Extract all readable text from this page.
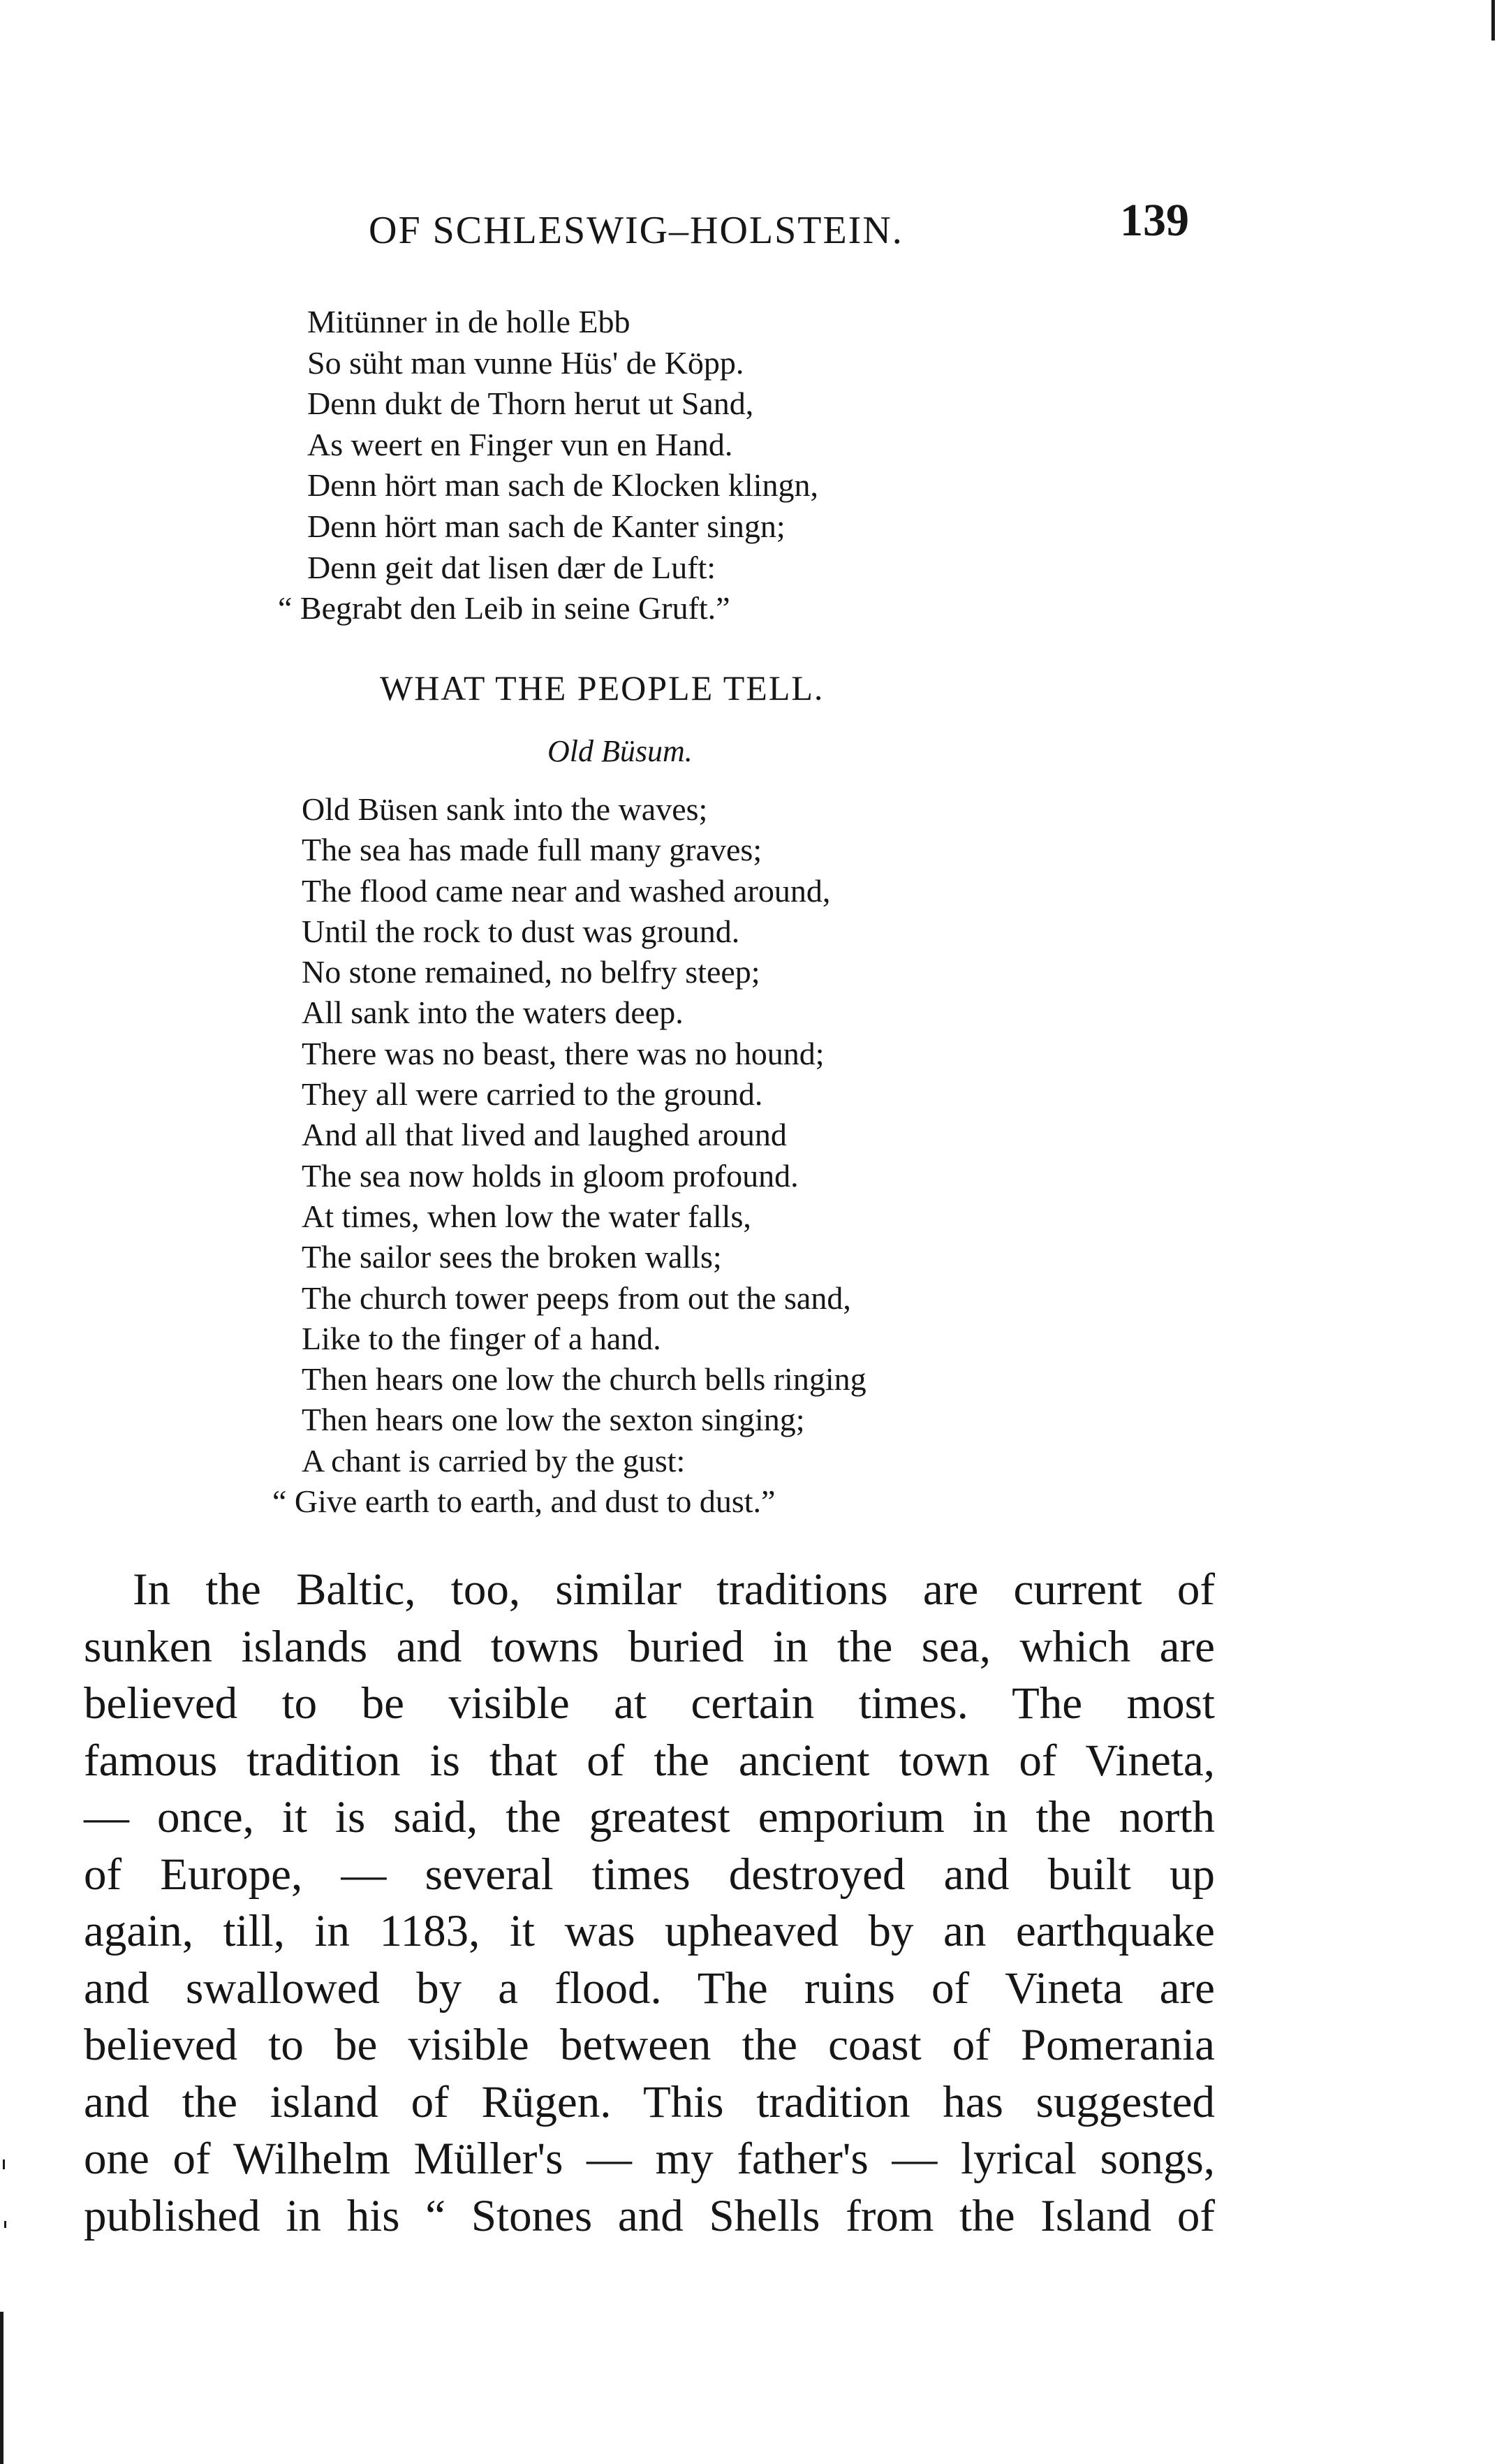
OF SCHLESWIG–HOLSTEIN.	139
Mitünner in de holle Ebb
So süht man vunne Hüs' de Köpp.
Denn dukt de Thorn herut ut Sand,
As weert en Finger vun en Hand.
Denn hört man sach de Klocken klingn,
Denn hört man sach de Kanter singn;
Denn geit dat lisen dær de Luft:
“ Begrabt den Leib in seine Gruft.”
WHAT THE PEOPLE TELL.
Old Büsum.
Old Büsen sank into the waves;
The sea has made full many graves;
The flood came near and washed around,
Until the rock to dust was ground.
No stone remained, no belfry steep;
All sank into the waters deep.
There was no beast, there was no hound;
They all were carried to the ground.
And all that lived and laughed around
The sea now holds in gloom profound.
At times, when low the water falls,
The sailor sees the broken walls;
The church tower peeps from out the sand,
Like to the finger of a hand.
Then hears one low the church bells ringing
Then hears one low the sexton singing;
A chant is carried by the gust:
“ Give earth to earth, and dust to dust.”
In the Baltic, too, similar traditions are current of
sunken islands and towns buried in the sea, which are
believed to be visible at certain times. The most
famous tradition is that of the ancient town of Vineta,
— once, it is said, the greatest emporium in the north
of Europe, — several times destroyed and built up
again, till, in 1183, it was upheaved by an earthquake
and swallowed by a flood. The ruins of Vineta are
believed to be visible between the coast of Pomerania
and the island of Rügen. This tradition has suggested
one of Wilhelm Müller's — my father's — lyrical songs,
published in his “ Stones and Shells from the Island of
